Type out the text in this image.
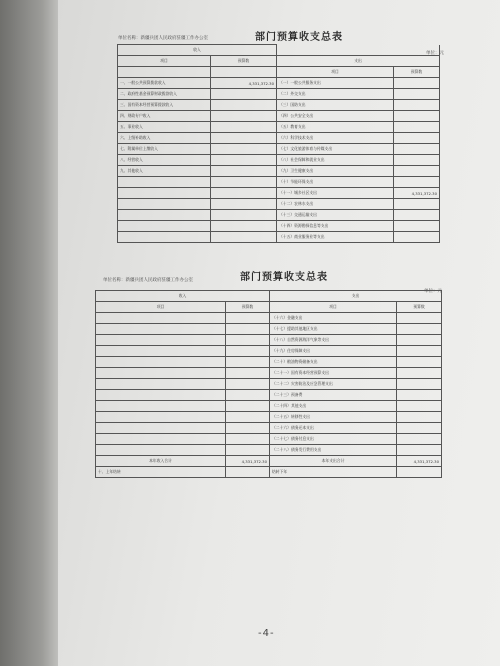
部门预算收支总表
单位名称：新疆兵团人民政府驻疆工作办公室
单位：元
收入			
项目	预算数	支出	
		项目	预算数
一、一般公共预算拨款收入	4,331,372.30	（一）一般公共服务支出	
二、政府性基金预算财政拨款收入		（二）外交支出	
三、国有资本经营预算拨款收入		（三）国防支出	
四、财政专户收入		（四）公共安全支出	
五、事业收入		（五）教育支出	
六、上级补助收入		（六）科学技术支出	
七、附属单位上缴收入		（七）文化旅游体育与传媒支出	
八、经营收入		（八）社会保障和就业支出	
九、其他收入		（九）卫生健康支出	
		（十）节能环保支出	
		（十一）城乡社区支出	4,331,372.30
		（十二）农林水支出	
		（十三）交通运输支出	
		（十四）资源勘探信息等支出	
		（十五）商业服务业等支出	
部门预算收支总表
单位名称：新疆兵团人民政府驻疆工作办公室
单位：元
收入		支出	
项目	预算数	项目	预算数
		（十六）金融支出	
		（十七）援助其他地区支出	
		（十八）自然资源海洋气象等支出	
		（十九）住房保障支出	
		（二十）粮油物资储备支出	
		（二十一）国有资本经营预算支出	
		（二十二）灾害防治及应急管理支出	
		（二十三）预备费	
		（二十四）其他支出	
		（二十五）转移性支出	
		（二十六）债务还本支出	
		（二十七）债务付息支出	
		（二十八）债务发行费用支出	
本年收入合计	4,331,372.30	本年支出合计	4,331,372.30
十、上年结转		结转下年	
-4-
